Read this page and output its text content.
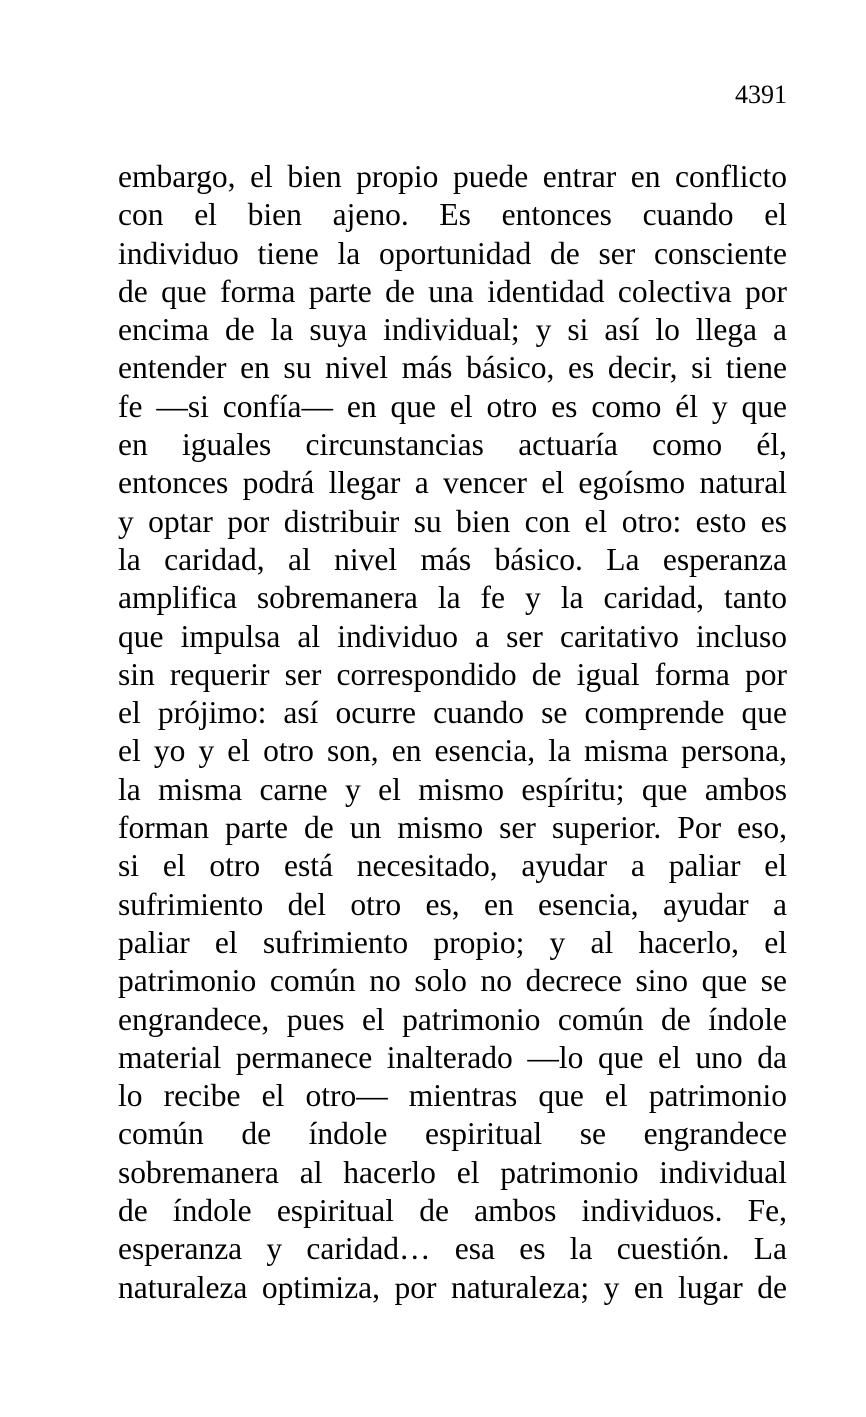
4391
embargo, el bien propio puede entrar en conflicto
con el bien ajeno. Es entonces cuando el
individuo tiene la oportunidad de ser consciente
de que forma parte de una identidad colectiva por
encima de la suya individual; y si así lo llega a
entender en su nivel más básico, es decir, si tiene
fe —si confía— en que el otro es como él y que
en iguales circunstancias actuaría como él,
entonces podrá llegar a vencer el egoísmo natural
y optar por distribuir su bien con el otro: esto es
la caridad, al nivel más básico. La esperanza
amplifica sobremanera la fe y la caridad, tanto
que impulsa al individuo a ser caritativo incluso
sin requerir ser correspondido de igual forma por
el prójimo: así ocurre cuando se comprende que
el yo y el otro son, en esencia, la misma persona,
la misma carne y el mismo espíritu; que ambos
forman parte de un mismo ser superior. Por eso,
si el otro está necesitado, ayudar a paliar el
sufrimiento del otro es, en esencia, ayudar a
paliar el sufrimiento propio; y al hacerlo, el
patrimonio común no solo no decrece sino que se
engrandece, pues el patrimonio común de índole
material permanece inalterado —lo que el uno da
lo recibe el otro— mientras que el patrimonio
común de índole espiritual se engrandece
sobremanera al hacerlo el patrimonio individual
de índole espiritual de ambos individuos. Fe,
esperanza y caridad… esa es la cuestión. La
naturaleza optimiza, por naturaleza; y en lugar de
